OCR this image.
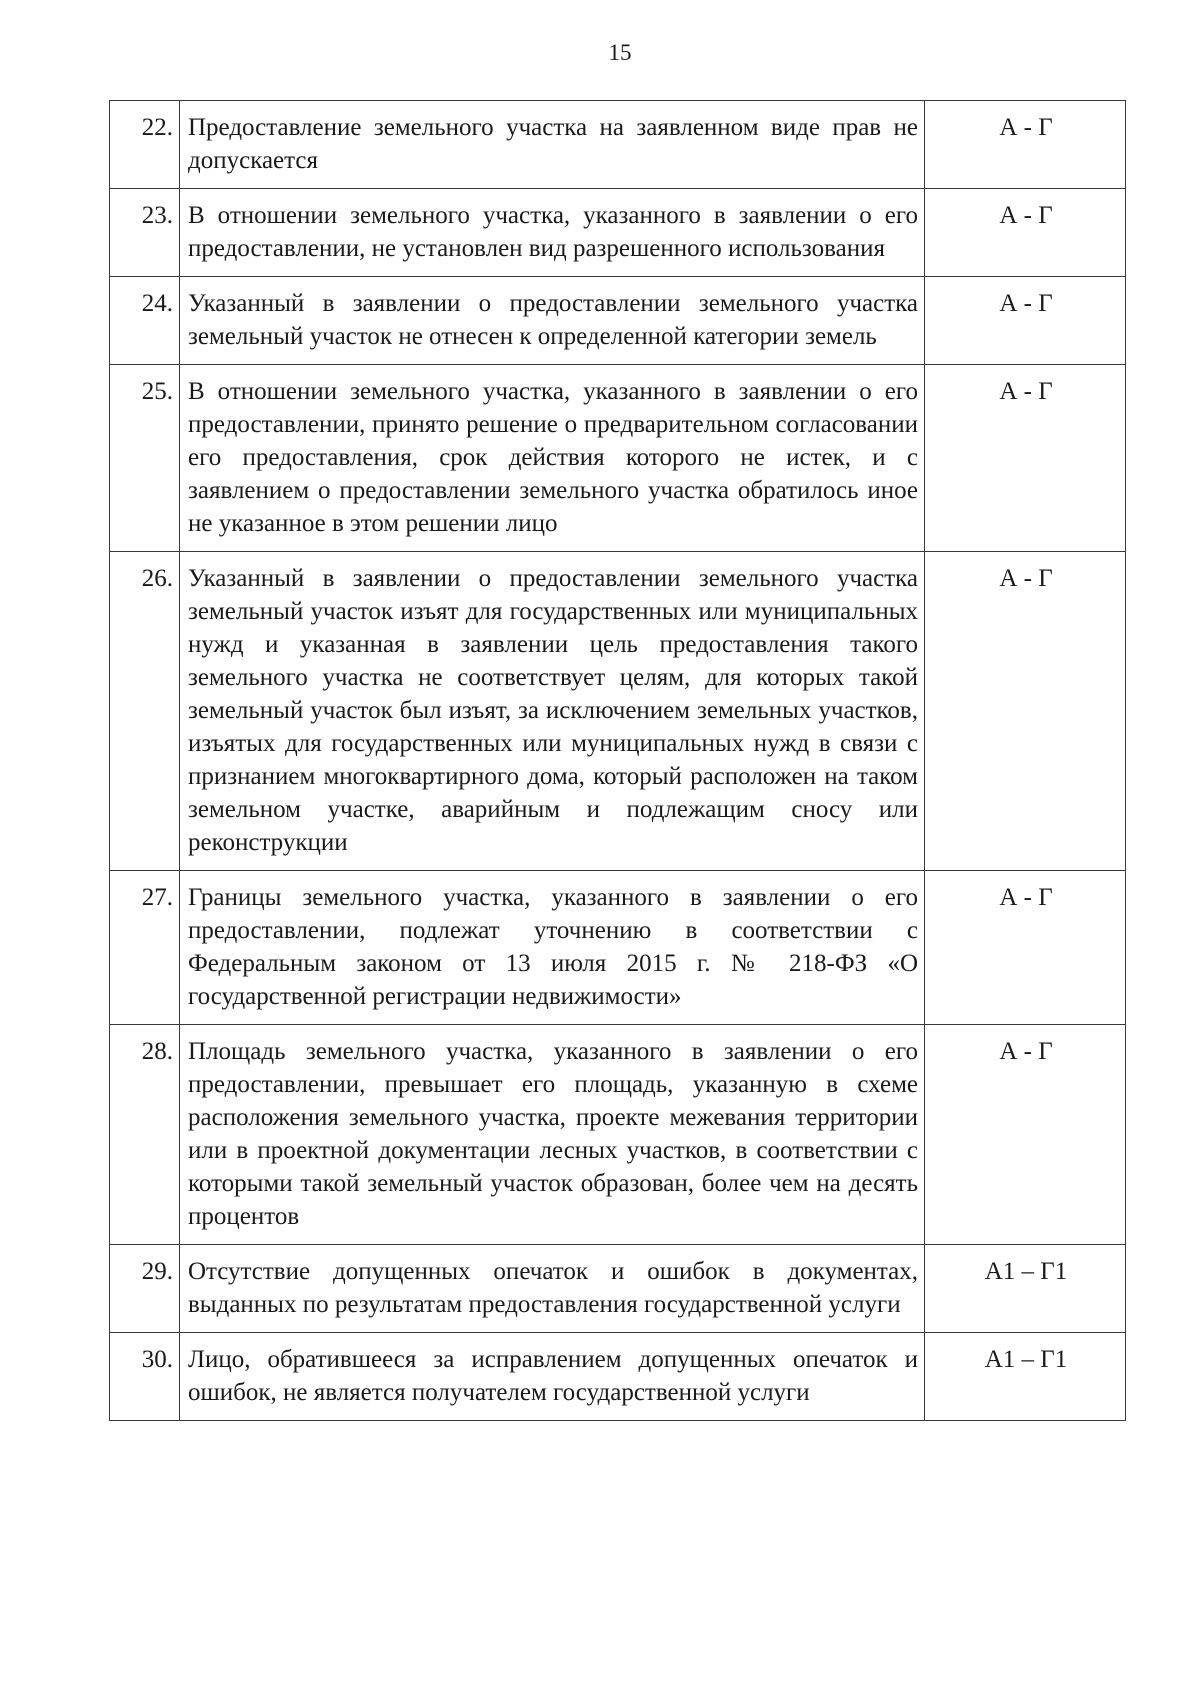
15
22.	Предоставление земельного участка на заявленном виде прав не допускается	А - Г
23.	В отношении земельного участка, указанного в заявлении о его предоставлении, не установлен вид разрешенного использования	А - Г
24.	Указанный в заявлении о предоставлении земельного участка земельный участок не отнесен к определенной категории земель	А - Г
25.	В отношении земельного участка, указанного в заявлении о его предоставлении, принято решение о предварительном согласовании его предоставления, срок действия которого не истек, и с заявлением о предоставлении земельного участка обратилось иное не указанное в этом решении лицо	А - Г
26.	Указанный в заявлении о предоставлении земельного участка земельный участок изъят для государственных или муниципальных нужд и указанная в заявлении цель предоставления такого земельного участка не соответствует целям, для которых такой земельный участок был изъят, за исключением земельных участков, изъятых для государственных или муниципальных нужд в связи с признанием многоквартирного дома, который расположен на таком земельном участке, аварийным и подлежащим сносу или реконструкции	А - Г
27.	Границы земельного участка, указанного в заявлении о его предоставлении, подлежат уточнению в соответствии с Федеральным законом от 13 июля 2015 г. № 218-ФЗ «О государственной регистрации недвижимости»	А - Г
28.	Площадь земельного участка, указанного в заявлении о его предоставлении, превышает его площадь, указанную в схеме расположения земельного участка, проекте межевания территории или в проектной документации лесных участков, в соответствии с которыми такой земельный участок образован, более чем на десять процентов	А - Г
29.	Отсутствие допущенных опечаток и ошибок в документах, выданных по результатам предоставления государственной услуги	А1 – Г1
30.	Лицо, обратившееся за исправлением допущенных опечаток и ошибок, не является получателем государственной услуги	А1 – Г1
